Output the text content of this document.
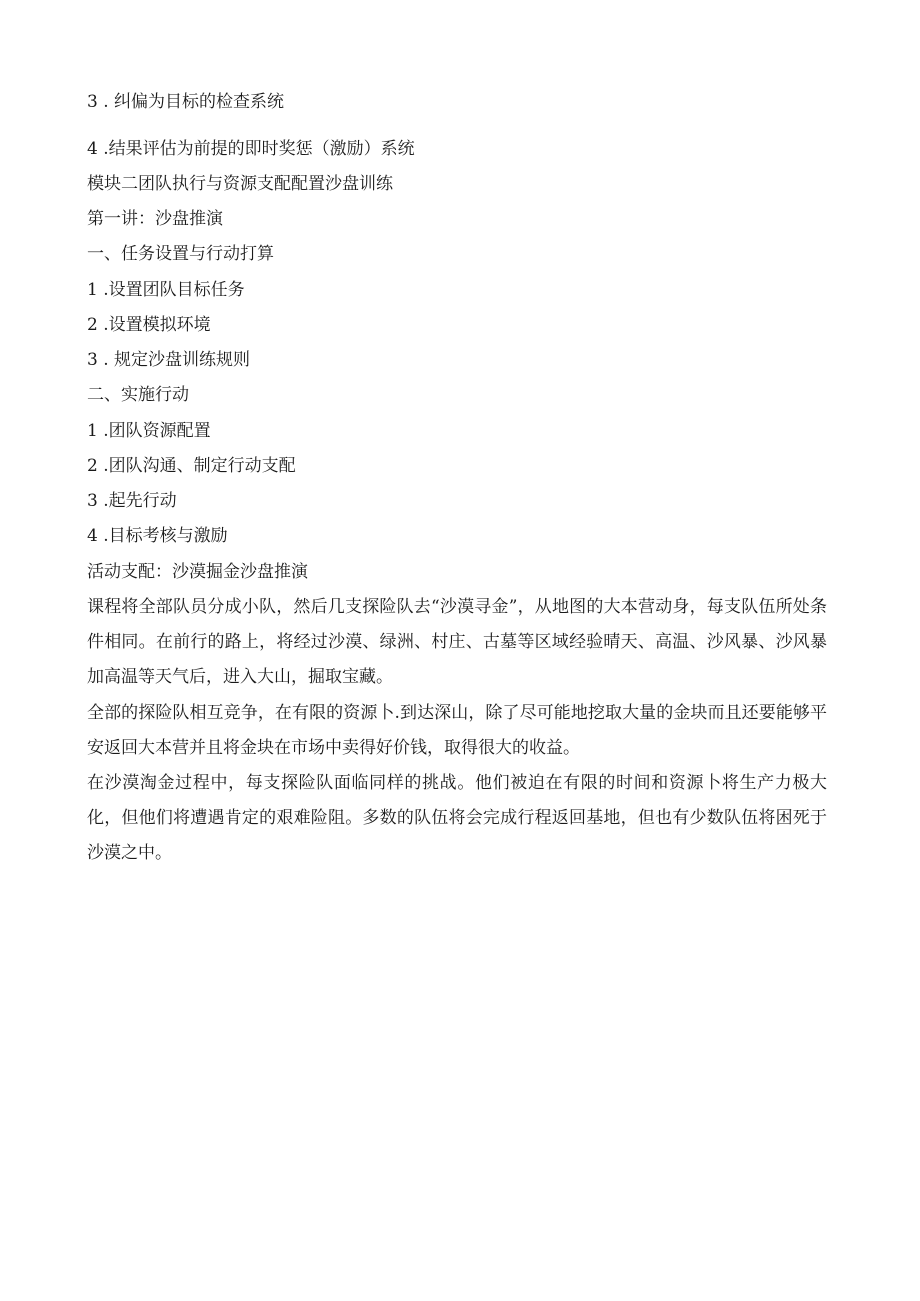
3 . 纠偏为目标的检查系统
4 .结果评估为前提的即时奖惩（激励）系统
模块二团队执行与资源支配配置沙盘训练
第一讲：沙盘推演
一、任务设置与行动打算
1 .设置团队目标任务
2 .设置模拟环境
3 . 规定沙盘训练规则
二、实施行动
1 .团队资源配置
2 .团队沟通、制定行动支配
3 .起先行动
4 .目标考核与激励
活动支配：沙漠掘金沙盘推演
课程将全部队员分成小队，然后几支探险队去“沙漠寻金”，从地图的大本营动身，每支队伍所处条件相同。在前行的路上，将经过沙漠、绿洲、村庄、古墓等区域经验晴天、高温、沙风暴、沙风暴加高温等天气后，进入大山，掘取宝藏。
全部的探险队相互竞争，在有限的资源卜.到达深山，除了尽可能地挖取大量的金块而且还要能够平安返回大本营并且将金块在市场中卖得好价钱，取得很大的收益。
在沙漠淘金过程中，每支探险队面临同样的挑战。他们被迫在有限的时间和资源卜将生产力极大化，但他们将遭遇肯定的艰难险阻。多数的队伍将会完成行程返回基地，但也有少数队伍将困死于沙漠之中。
